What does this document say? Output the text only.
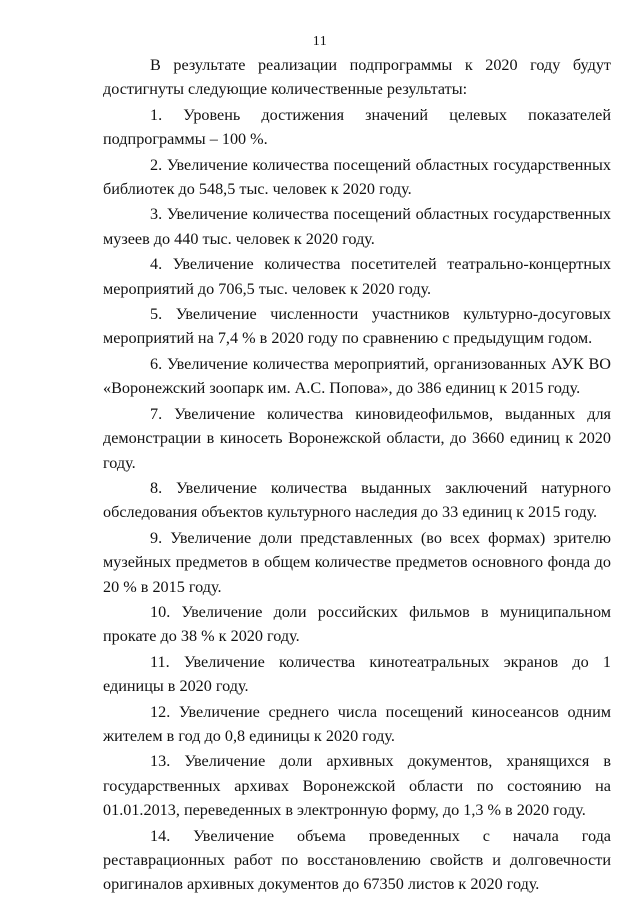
11

В результате реализации подпрограммы к 2020 году будут достигнуты следующие количественные результаты:

1. Уровень достижения значений целевых показателей подпрограммы – 100 %.

2. Увеличение количества посещений областных государственных библиотек до 548,5 тыс. человек к 2020 году.

3. Увеличение количества посещений областных государственных музеев до 440 тыс. человек к 2020 году.

4. Увеличение количества посетителей театрально-концертных мероприятий до 706,5 тыс. человек к 2020 году.

5. Увеличение численности участников культурно-досуговых мероприятий на 7,4 % в 2020 году по сравнению с предыдущим годом.

6. Увеличение количества мероприятий, организованных АУК ВО «Воронежский зоопарк им. А.С. Попова», до 386 единиц к 2015 году.

7. Увеличение количества киновидеофильмов, выданных для демонстрации в киносеть Воронежской области, до 3660 единиц к 2020 году.

8. Увеличение количества выданных заключений натурного обследования объектов культурного наследия до 33 единиц к 2015 году.

9. Увеличение доли представленных (во всех формах) зрителю музейных предметов в общем количестве предметов основного фонда до 20 % в 2015 году.

10. Увеличение доли российских фильмов в муниципальном прокате до 38 % к 2020 году.

11. Увеличение количества кинотеатральных экранов до 1 единицы в 2020 году.

12. Увеличение среднего числа посещений киносеансов одним жителем в год до 0,8 единицы к 2020 году.

13. Увеличение доли архивных документов, хранящихся в государственных архивах Воронежской области по состоянию на 01.01.2013, переведенных в электронную форму, до 1,3 % в 2020 году.

14. Увеличение объема проведенных с начала года реставрационных работ по восстановлению свойств и долговечности оригиналов архивных документов до 67350 листов к 2020 году.
